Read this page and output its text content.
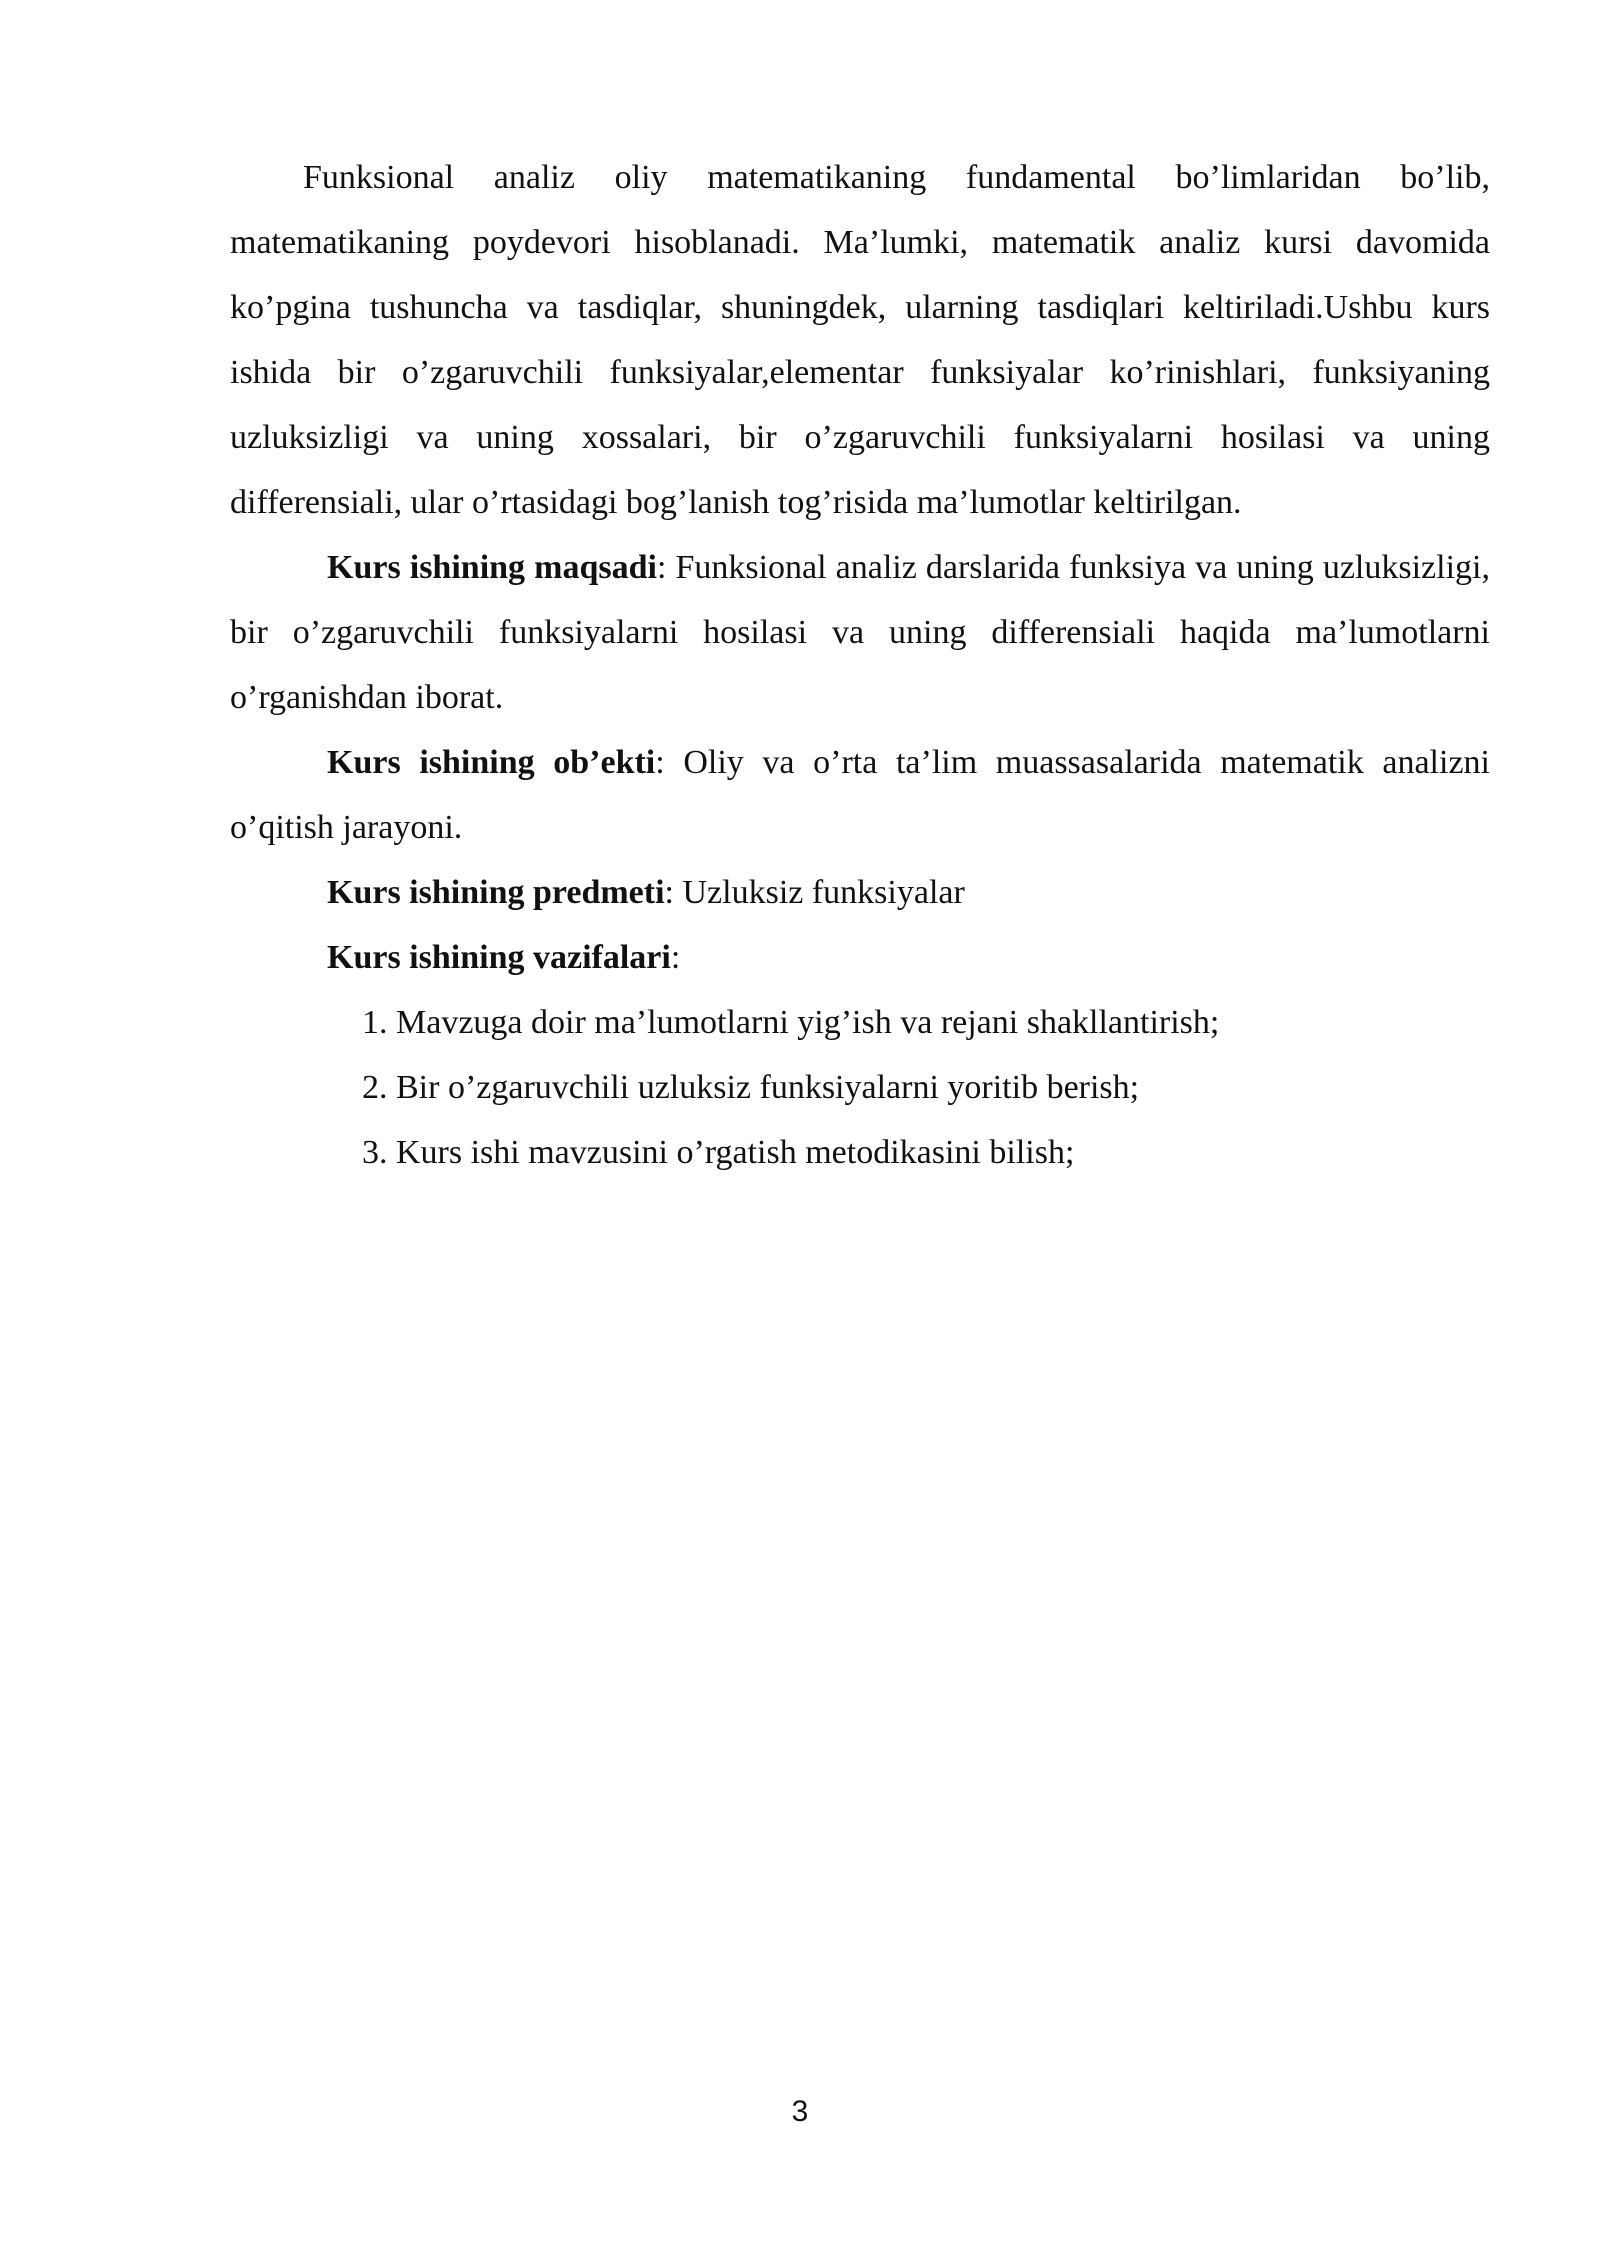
Funksional analiz oliy matematikaning fundamental bo’limlaridan bo’lib, matematikaning poydevori hisoblanadi. Ma’lumki, matematik analiz kursi davomida ko’pgina tushuncha va tasdiqlar, shuningdek, ularning tasdiqlari keltiriladi.Ushbu kurs ishida bir o’zgaruvchili funksiyalar,elementar funksiyalar ko’rinishlari, funksiyaning uzluksizligi va uning xossalari, bir o’zgaruvchili funksiyalarni hosilasi va uning differensiali, ular o’rtasidagi bog’lanish tog’risida ma’lumotlar keltirilgan.

Kurs ishining maqsadi: Funksional analiz darslarida funksiya va uning uzluksizligi, bir o’zgaruvchili funksiyalarni hosilasi va uning differensiali haqida ma’lumotlarni o’rganishdan iborat.

Kurs ishining ob’ekti: Oliy va o’rta ta’lim muassasalarida matematik analizni o’qitish jarayoni.

Kurs ishining predmeti: Uzluksiz funksiyalar

Kurs ishining vazifalari:

1. Mavzuga doir ma’lumotlarni yig’ish va rejani shakllantirish;
2. Bir o’zgaruvchili uzluksiz funksiyalarni yoritib berish;
3. Kurs ishi mavzusini o’rgatish metodikasini bilish;
3
